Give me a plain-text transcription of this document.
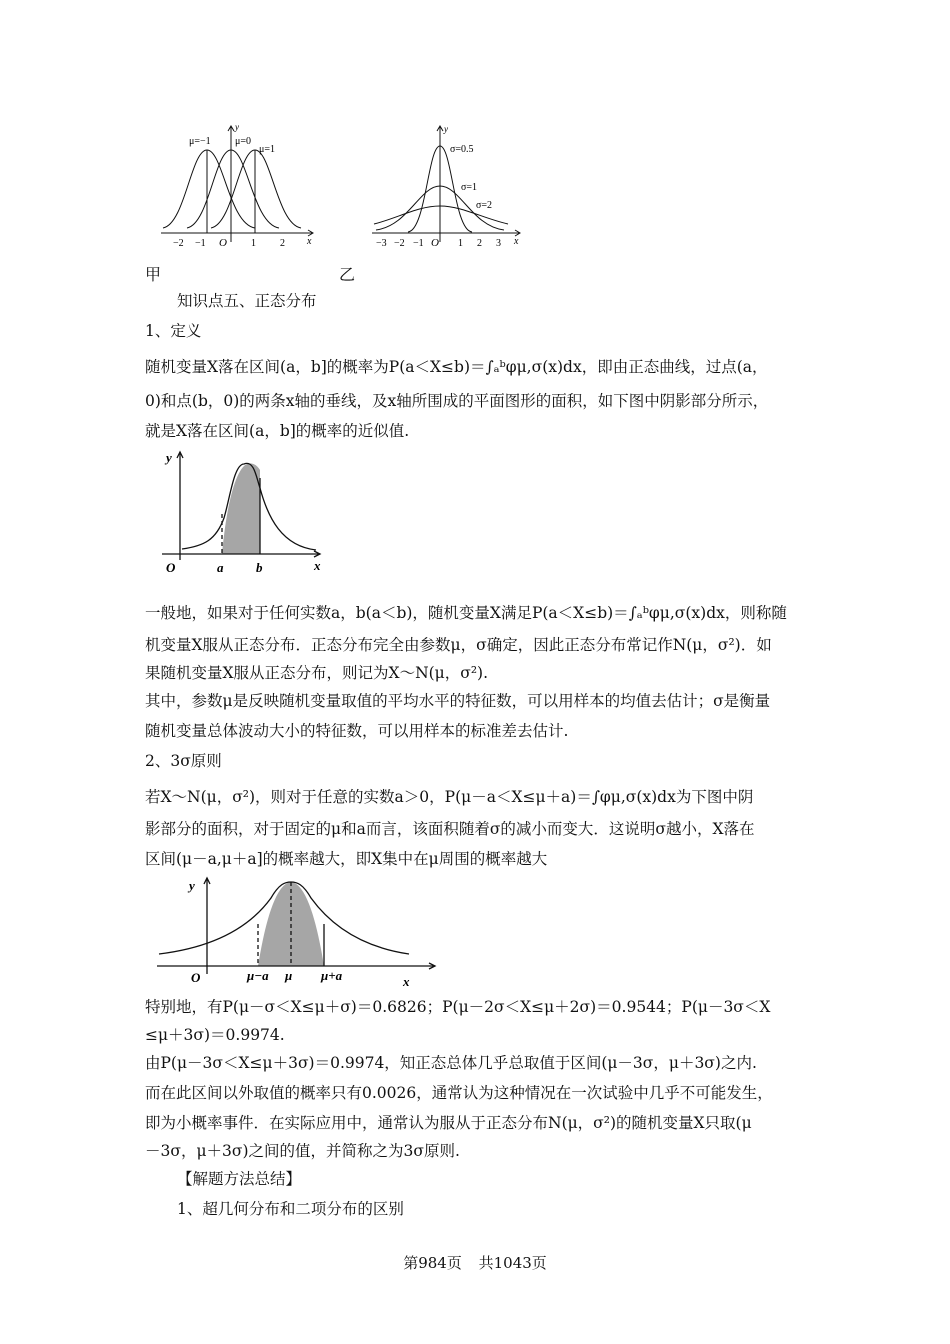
μ=−1 μ=0
μ=1
y
x
O
−2 −1	1 2
σ=0.5
σ=1
σ=2
y
x
O
−3 −2 −1	1 2 3
甲	乙
知识点五、正态分布
1、定义
随机变量X落在区间(a，b]的概率为P(a＜X≤b)＝∫ₐᵇφμ,σ(x)dx，即由正态曲线，过点(a，
0)和点(b，0)的两条x轴的垂线，及x轴所围成的平面图形的面积，如下图中阴影部分所示，
就是X落在区间(a，b]的概率的近似值.
y
x
O	a	b
一般地，如果对于任何实数a，b(a＜b)，随机变量X满足P(a＜X≤b)＝∫ₐᵇφμ,σ(x)dx，则称随
机变量X服从正态分布．正态分布完全由参数μ，σ确定，因此正态分布常记作N(μ，σ²)．如
果随机变量X服从正态分布，则记为X～N(μ，σ²).
其中，参数μ是反映随机变量取值的平均水平的特征数，可以用样本的均值去估计；σ是衡量
随机变量总体波动大小的特征数，可以用样本的标准差去估计.
2、3σ原则
若X～N(μ，σ²)，则对于任意的实数a＞0，P(μ－a＜X≤μ＋a)＝∫φμ,σ(x)dx为下图中阴
影部分的面积，对于固定的μ和a而言，该面积随着σ的减小而变大．这说明σ越小，X落在
区间(μ－a,μ＋a]的概率越大，即X集中在μ周围的概率越大
y
x
O	μ−a μ μ+a
特别地，有P(μ－σ＜X≤μ＋σ)＝0.6826；P(μ－2σ＜X≤μ＋2σ)＝0.9544；P(μ－3σ＜X
≤μ＋3σ)＝0.9974.
由P(μ－3σ＜X≤μ＋3σ)＝0.9974，知正态总体几乎总取值于区间(μ－3σ，μ＋3σ)之内.
而在此区间以外取值的概率只有0.0026，通常认为这种情况在一次试验中几乎不可能发生，
即为小概率事件．在实际应用中，通常认为服从于正态分布N(μ，σ²)的随机变量X只取(μ
－3σ，μ＋3σ)之间的值，并简称之为3σ原则.
【解题方法总结】
1、超几何分布和二项分布的区别
第984页 共1043页
